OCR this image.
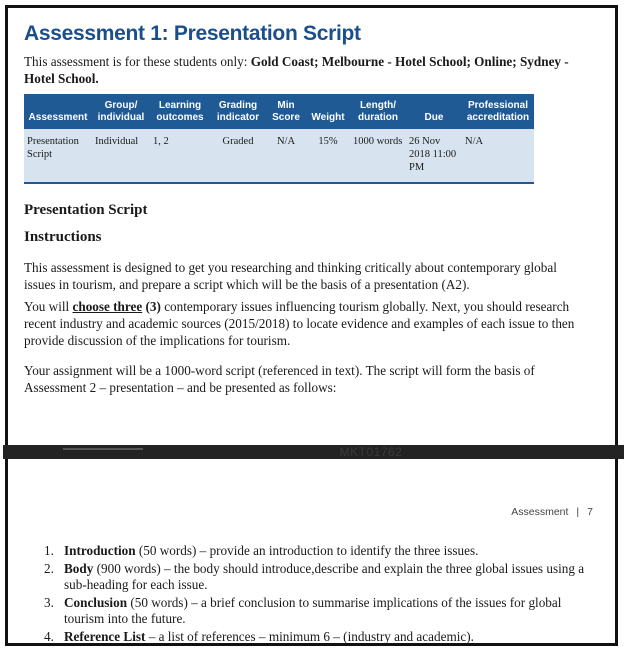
Assessment 1: Presentation Script

This assessment is for these students only: Gold Coast; Melbourne - Hotel School; Online; Sydney - Hotel School.

Assessment	Group/ individual	Learning outcomes	Grading indicator	Min Score	Weight	Length/ duration	Due	Professional accreditation
Presentation Script	Individual	1, 2	Graded	N/A	15%	1000 words	26 Nov 2018 11:00 PM	N/A
Presentation Script
Instructions

This assessment is designed to get you researching and thinking critically about contemporary global issues in tourism, and prepare a script which will be the basis of a presentation (A2).

You will choose three (3) contemporary issues influencing tourism globally. Next, you should research recent industry and academic sources (2015/2018) to locate evidence and examples of each issue to then provide discussion of the implications for tourism.

Your assignment will be a 1000-word script (referenced in text). The script will form the basis of Assessment 2 – presentation – and be presented as follows:

MKT01762
Assessment | 7
1. Introduction (50 words) – provide an introduction to identify the three issues.
2. Body (900 words) – the body should introduce,describe and explain the three global issues using a sub-heading for each issue.
3. Conclusion (50 words) – a brief conclusion to summarise implications of the issues for global tourism into the future.
4. Reference List – a list of references – minimum 6 – (industry and academic).
